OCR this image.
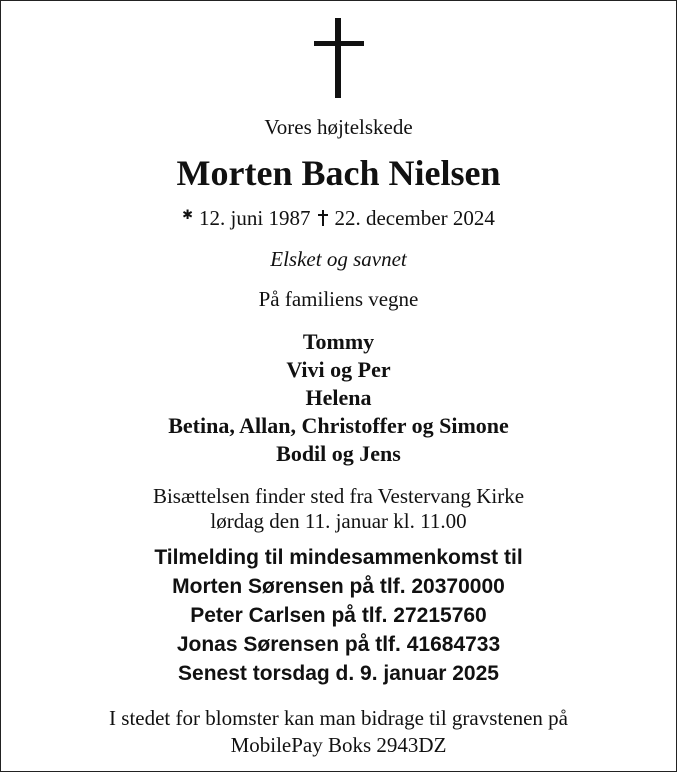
Vores højtelskede
Morten Bach Nielsen
✱ 12. juni 1987 22. december 2024
Elsket og savnet
På familiens vegne
Tommy
Vivi og Per
Helena
Betina, Allan, Christoffer og Simone
Bodil og Jens
Bisættelsen finder sted fra Vestervang Kirke
lørdag den 11. januar kl. 11.00
Tilmelding til mindesammenkomst til
Morten Sørensen på tlf. 20370000
Peter Carlsen på tlf. 27215760
Jonas Sørensen på tlf. 41684733
Senest torsdag d. 9. januar 2025
I stedet for blomster kan man bidrage til gravstenen på
MobilePay Boks 2943DZ
